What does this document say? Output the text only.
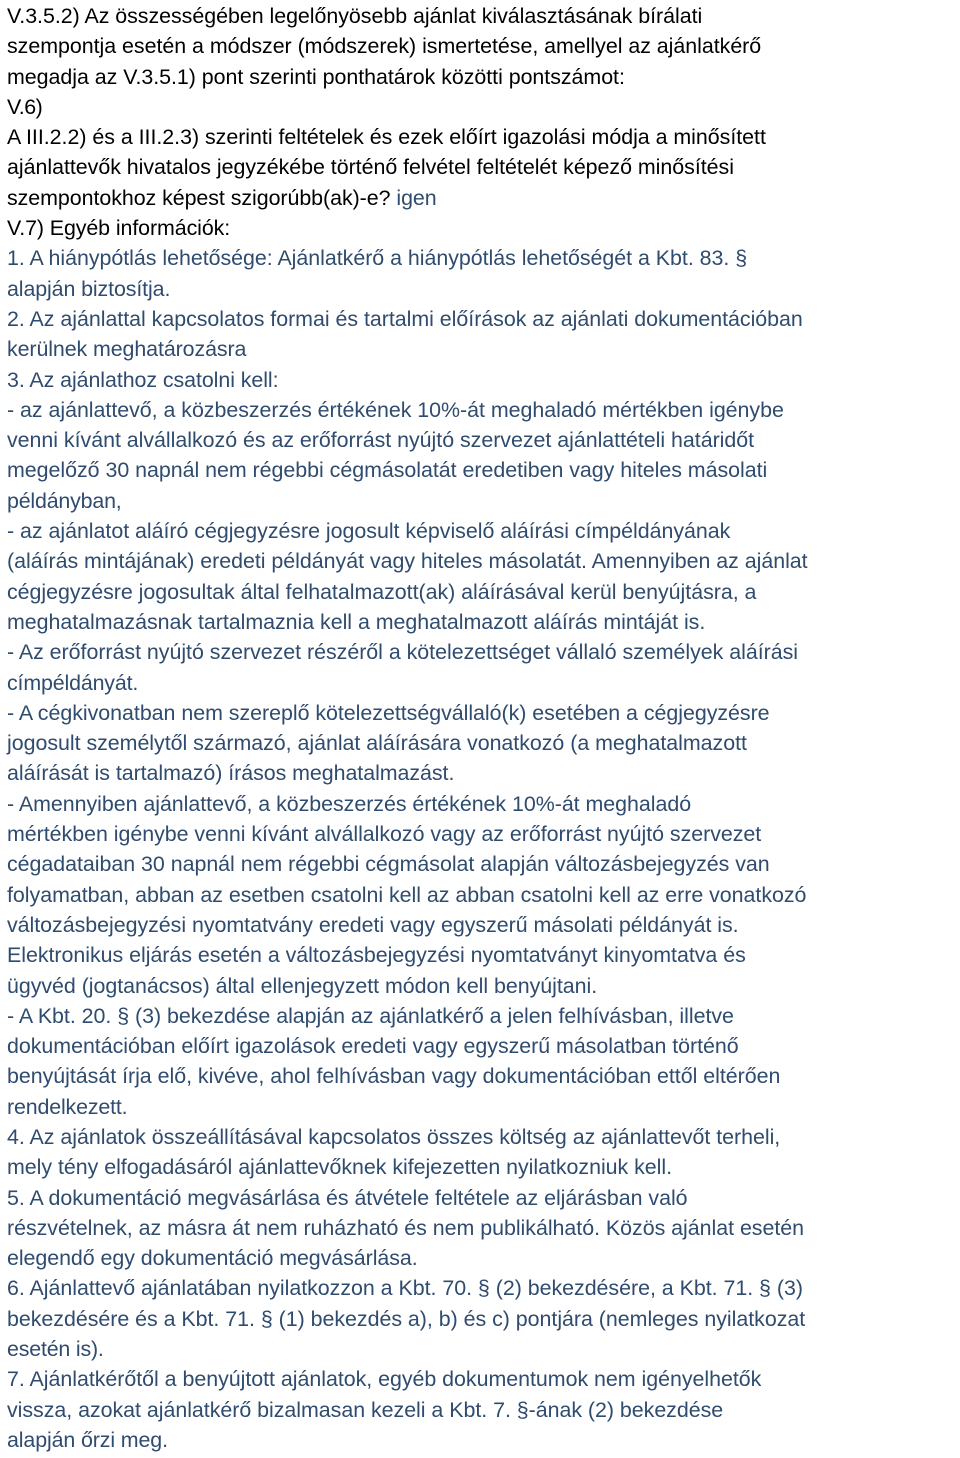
V.3.5.2) Az összességében legelőnyösebb ajánlat kiválasztásának bírálati
szempontja esetén a módszer (módszerek) ismertetése, amellyel az ajánlatkérő
megadja az V.3.5.1) pont szerinti ponthatárok közötti pontszámot:
V.6)
A III.2.2) és a III.2.3) szerinti feltételek és ezek előírt igazolási módja a minősített
ajánlattevők hivatalos jegyzékébe történő felvétel feltételét képező minősítési
szempontokhoz képest szigorúbb(ak)-e? igen
V.7) Egyéb információk:
1. A hiánypótlás lehetősége: Ajánlatkérő a hiánypótlás lehetőségét a Kbt. 83. §
alapján biztosítja.
2. Az ajánlattal kapcsolatos formai és tartalmi előírások az ajánlati dokumentációban
kerülnek meghatározásra
3. Az ajánlathoz csatolni kell:
- az ajánlattevő, a közbeszerzés értékének 10%-át meghaladó mértékben igénybe
venni kívánt alvállalkozó és az erőforrást nyújtó szervezet ajánlattételi határidőt
megelőző 30 napnál nem régebbi cégmásolatát eredetiben vagy hiteles másolati
példányban,
- az ajánlatot aláíró cégjegyzésre jogosult képviselő aláírási címpéldányának
(aláírás mintájának) eredeti példányát vagy hiteles másolatát. Amennyiben az ajánlat
cégjegyzésre jogosultak által felhatalmazott(ak) aláírásával kerül benyújtásra, a
meghatalmazásnak tartalmaznia kell a meghatalmazott aláírás mintáját is.
- Az erőforrást nyújtó szervezet részéről a kötelezettséget vállaló személyek aláírási
címpéldányát.
- A cégkivonatban nem szereplő kötelezettségvállaló(k) esetében a cégjegyzésre
jogosult személytől származó, ajánlat aláírására vonatkozó (a meghatalmazott
aláírását is tartalmazó) írásos meghatalmazást.
- Amennyiben ajánlattevő, a közbeszerzés értékének 10%-át meghaladó
mértékben igénybe venni kívánt alvállalkozó vagy az erőforrást nyújtó szervezet
cégadataiban 30 napnál nem régebbi cégmásolat alapján változásbejegyzés van
folyamatban, abban az esetben csatolni kell az abban csatolni kell az erre vonatkozó
változásbejegyzési nyomtatvány eredeti vagy egyszerű másolati példányát is.
Elektronikus eljárás esetén a változásbejegyzési nyomtatványt kinyomtatva és
ügyvéd (jogtanácsos) által ellenjegyzett módon kell benyújtani.
- A Kbt. 20. § (3) bekezdése alapján az ajánlatkérő a jelen felhívásban, illetve
dokumentációban előírt igazolások eredeti vagy egyszerű másolatban történő
benyújtását írja elő, kivéve, ahol felhívásban vagy dokumentációban ettől eltérően
rendelkezett.
4. Az ajánlatok összeállításával kapcsolatos összes költség az ajánlattevőt terheli,
mely tény elfogadásáról ajánlattevőknek kifejezetten nyilatkozniuk kell.
5. A dokumentáció megvásárlása és átvétele feltétele az eljárásban való
részvételnek, az másra át nem ruházható és nem publikálható. Közös ajánlat esetén
elegendő egy dokumentáció megvásárlása.
6. Ajánlattevő ajánlatában nyilatkozzon a Kbt. 70. § (2) bekezdésére, a Kbt. 71. § (3)
bekezdésére és a Kbt. 71. § (1) bekezdés a), b) és c) pontjára (nemleges nyilatkozat
esetén is).
7. Ajánlatkérőtől a benyújtott ajánlatok, egyéb dokumentumok nem igényelhetők
vissza, azokat ajánlatkérő bizalmasan kezeli a Kbt. 7. §-ának (2) bekezdése
alapján őrzi meg.
